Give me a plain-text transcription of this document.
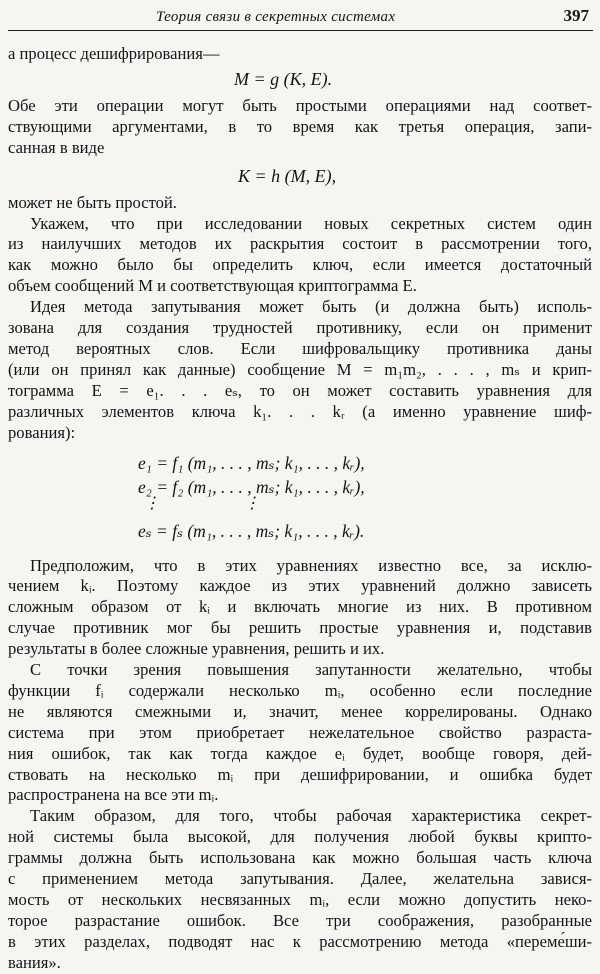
Теория связи в секретных системах	397
а процесс дешифрирования—
M = g (K, E).
Обе эти операции могут быть простыми операциями над соответ-
ствующими аргументами, в то время как третья операция, запи-
санная в виде
K = h (M, E),
может не быть простой.
Укажем, что при исследовании новых секретных систем один
из наилучших методов их раскрытия состоит в рассмотрении того,
как можно было бы определить ключ, если имеется достаточный
объем сообщений M и соответствующая криптограмма E.
Идея метода запутывания может быть (и должна быть) исполь-
зована для создания трудностей противнику, если он применит
метод вероятных слов. Если шифровальщику противника даны
(или он принял как данные) сообщение M = m₁m₂, . . . , mₛ и крип-
тограмма E = e₁. . . eₛ, то он может составить уравнения для
различных элементов ключа k₁. . . kᵣ (а именно уравнение шиф-
рования):
e₁ = f₁ (m₁, . . . , mₛ; k₁, . . . , kᵣ),
e₂ = f₂ (m₁, . . . , mₛ; k₁, . . . , kᵣ),
⋮	⋮
eₛ = fₛ (m₁, . . . , mₛ; k₁, . . . , kᵣ).
Предположим, что в этих уравнениях известно все, за исклю-
чением kᵢ. Поэтому каждое из этих уравнений должно зависеть
сложным образом от kᵢ и включать многие из них. В противном
случае противник мог бы решить простые уравнения и, подставив
результаты в более сложные уравнения, решить и их.
С точки зрения повышения запутанности желательно, чтобы
функции fᵢ содержали несколько mᵢ, особенно если последние
не являются смежными и, значит, менее коррелированы. Однако
система при этом приобретает нежелательное свойство разраста-
ния ошибок, так как тогда каждое eᵢ будет, вообще говоря, дей-
ствовать на несколько mᵢ при дешифрировании, и ошибка будет
распространена на все эти mᵢ.
Таким образом, для того, чтобы рабочая характеристика секрет-
ной системы была высокой, для получения любой буквы крипто-
граммы должна быть использована как можно большая часть ключа
с применением метода запутывания. Далее, желательна завися-
мость от нескольких несвязанных mᵢ, если можно допустить неко-
торое разрастание ошибок. Все три соображения, разобранные
в этих разделах, подводят нас к рассмотрению метода «переме́ши-
вания».
